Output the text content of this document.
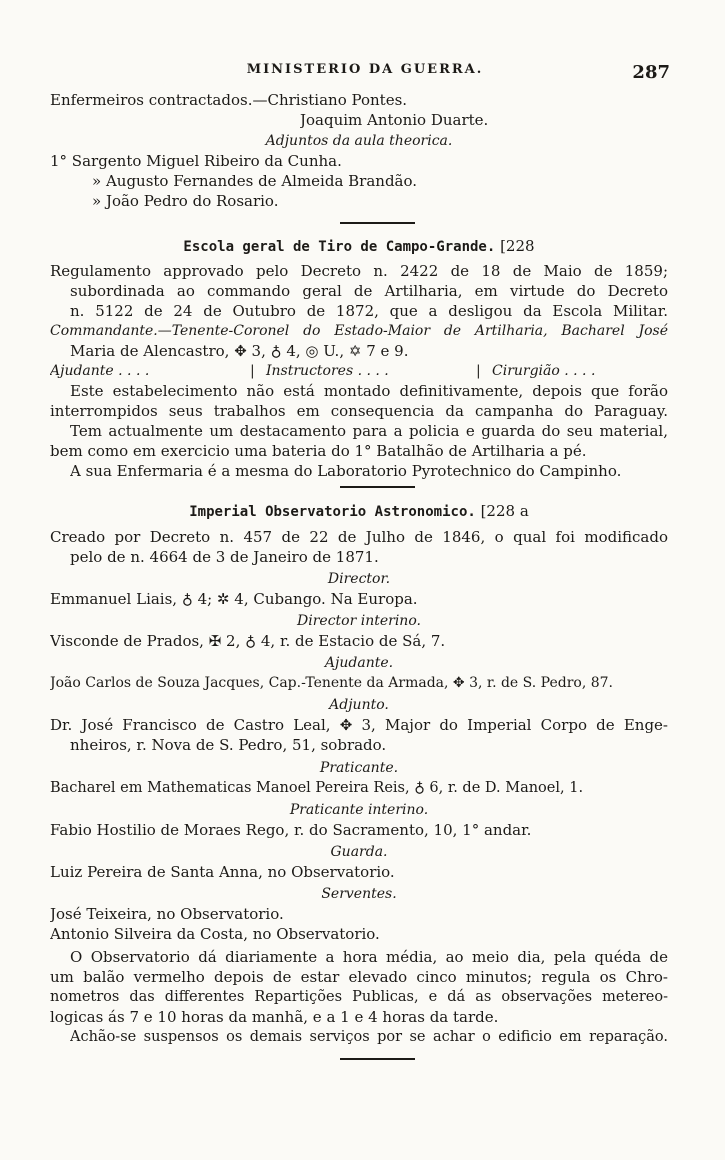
MINISTERIO DA GUERRA.	287
Enfermeiros contractados.—Christiano Pontes.
Joaquim Antonio Duarte.
Adjuntos da aula theorica.
1° Sargento Miguel Ribeiro da Cunha.
» Augusto Fernandes de Almeida Brandão.
» João Pedro do Rosario.
Escola geral de Tiro de Campo-Grande. [228
Regulamento approvado pelo Decreto n. 2422 de 18 de Maio de 1859;
subordinada ao commando geral de Artilharia, em virtude do Decreto
n. 5122 de 24 de Outubro de 1872, que a desligou da Escola Militar.
Commandante.—Tenente-Coronel do Estado-Maior de Artilharia, Bacharel José
Maria de Alencastro, ✥ 3, ♁ 4, ◎ U., ✡ 7 e 9.
Ajudante . . . .	| Instructores . . . .	| Cirurgião . . . .
Este estabelecimento não está montado definitivamente, depois que forão
interrompidos seus trabalhos em consequencia da campanha do Paraguay.
Tem actualmente um destacamento para a policia e guarda do seu material,
bem como em exercicio uma bateria do 1° Batalhão de Artilharia a pé.
A sua Enfermaria é a mesma do Laboratorio Pyrotechnico do Campinho.
Imperial Observatorio Astronomico. [228 a
Creado por Decreto n. 457 de 22 de Julho de 1846, o qual foi modificado
pelo de n. 4664 de 3 de Janeiro de 1871.
Director.
Emmanuel Liais, ♁ 4; ✲ 4, Cubango. Na Europa.
Director interino.
Visconde de Prados, ✠ 2, ♁ 4, r. de Estacio de Sá, 7.
Ajudante.
João Carlos de Souza Jacques, Cap.-Tenente da Armada, ✥ 3, r. de S. Pedro, 87.
Adjunto.
Dr. José Francisco de Castro Leal, ✥ 3, Major do Imperial Corpo de Enge-
nheiros, r. Nova de S. Pedro, 51, sobrado.
Praticante.
Bacharel em Mathematicas Manoel Pereira Reis, ♁ 6, r. de D. Manoel, 1.
Praticante interino.
Fabio Hostilio de Moraes Rego, r. do Sacramento, 10, 1° andar.
Guarda.
Luiz Pereira de Santa Anna, no Observatorio.
Serventes.
José Teixeira, no Observatorio.
Antonio Silveira da Costa, no Observatorio.
O Observatorio dá diariamente a hora média, ao meio dia, pela quéda de
um balão vermelho depois de estar elevado cinco minutos; regula os Chro-
nometros das differentes Repartições Publicas, e dá as observações metereo-
logicas ás 7 e 10 horas da manhã, e a 1 e 4 horas da tarde.
Achão-se suspensos os demais serviços por se achar o edificio em reparação.
